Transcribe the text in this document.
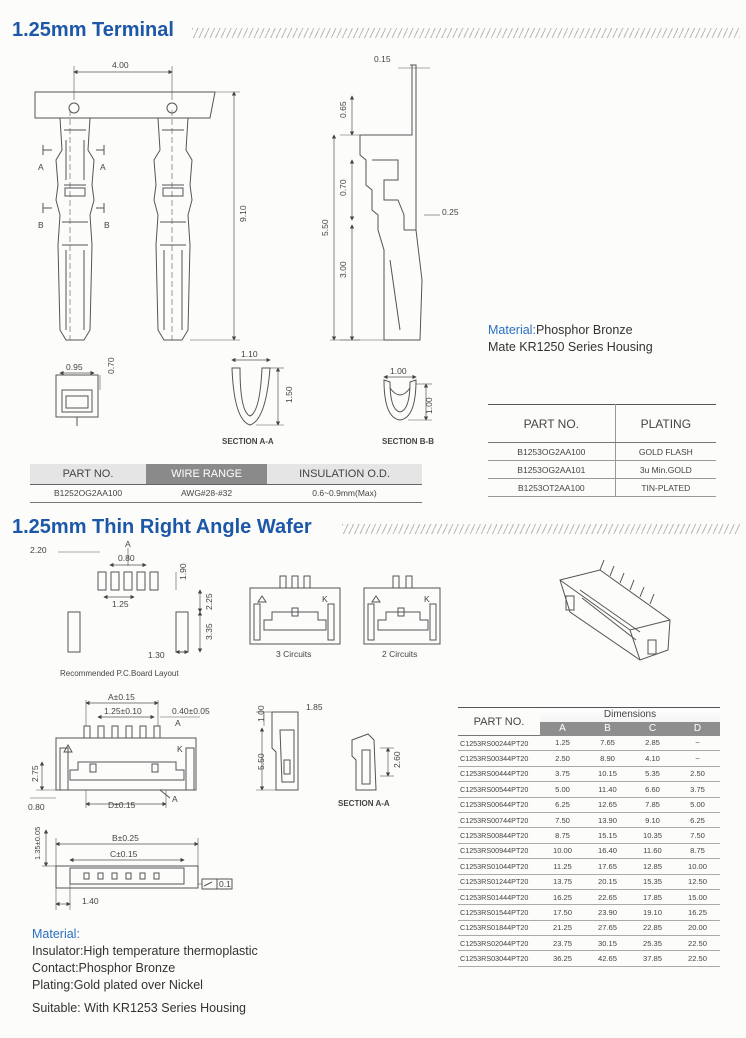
1.25mm Terminal
1.25mm Thin Right Angle Wafer
4.00
9.10
A	A
B	B
0.15
0.65
0.70
5.50
3.00
0.25
0.95	0.70
1.10
1.50
SECTION A-A
1.00
1.00
SECTION B-B
2.20
A
0.80
1.90
1.25	2.25
3.35
1.30
Recommended P.C.Board Layout
K
3 Circuits
K
2 Circuits
A±0.15
1.25±0.10	0.40±0.05
A
K
2.75
0.80	D±0.15
A
1.00	1.85
5.50	2.60
SECTION A-A
1.35±0.05	B±0.25
C±0.15
1.40
0.1
Material:Phosphor Bronze
Mate KR1250 Series Housing
PART NO.	WIRE RANGE	INSULATION O.D.
B1252OG2AA100	AWG#28-#32	0.6~0.9mm(Max)
PART NO.	PLATING
B1253OG2AA100	GOLD FLASH
B1253OG2AA101	3u Min.GOLD
B1253OT2AA100	TIN-PLATED
PART NO.	Dimensions			
	A	B	C	D
C1253RS00244PT20	1.25	7.65	2.85	~
C1253RS00344PT20	2.50	8.90	4.10	~
C1253RS00444PT20	3.75	10.15	5.35	2.50
C1253RS00544PT20	5.00	11.40	6.60	3.75
C1253RS00644PT20	6.25	12.65	7.85	5.00
C1253RS00744PT20	7.50	13.90	9.10	6.25
C1253RS00844PT20	8.75	15.15	10.35	7.50
C1253RS00944PT20	10.00	16.40	11.60	8.75
C1253RS01044PT20	11.25	17.65	12.85	10.00
C1253RS01244PT20	13.75	20.15	15.35	12.50
C1253RS01444PT20	16.25	22.65	17.85	15.00
C1253RS01544PT20	17.50	23.90	19.10	16.25
C1253RS01844PT20	21.25	27.65	22.85	20.00
C1253RS02044PT20	23.75	30.15	25.35	22.50
C1253RS03044PT20	36.25	42.65	37.85	22.50
Material:
Insulator:High temperature thermoplastic
Contact:Phosphor Bronze
Plating:Gold plated over Nickel
Suitable: With KR1253 Series Housing
